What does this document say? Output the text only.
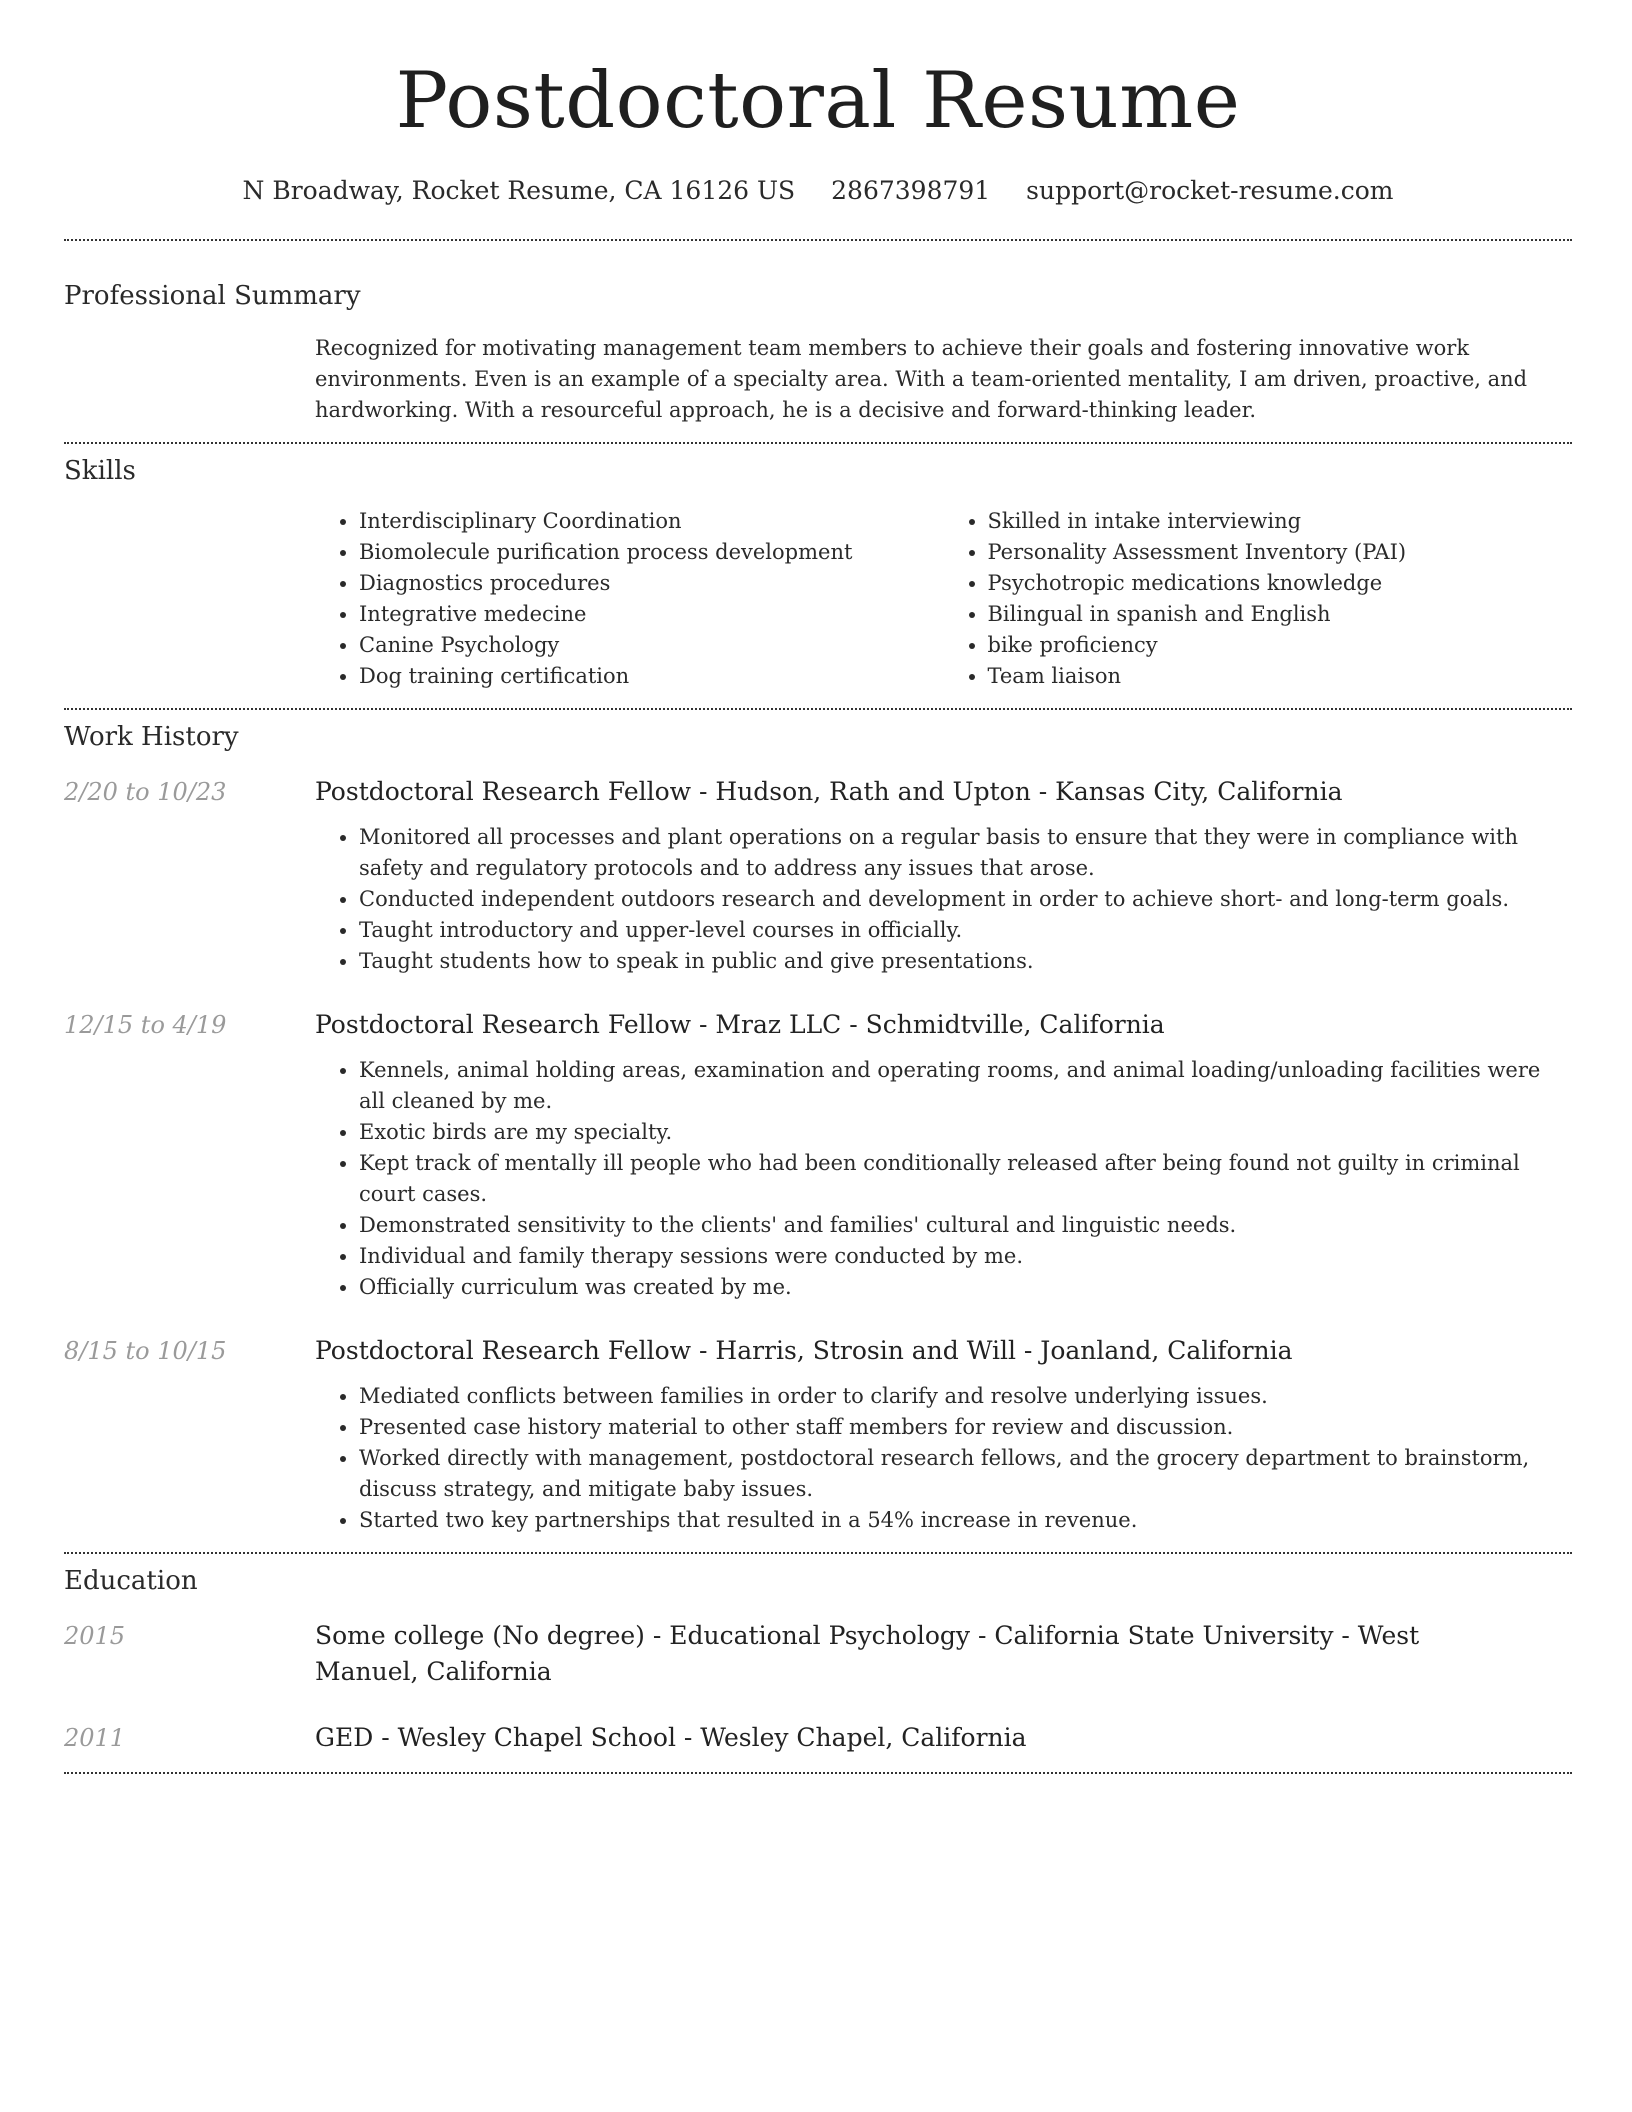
Postdoctoral Resume
N Broadway, Rocket Resume, CA 16126 US 2867398791 support@rocket-resume.com
Professional Summary
Recognized for motivating management team members to achieve their goals and fostering innovative work environments. Even is an example of a specialty area. With a team-oriented mentality, I am driven, proactive, and hardworking. With a resourceful approach, he is a decisive and forward-thinking leader.
Skills
• Interdisciplinary Coordination
• Biomolecule purification process development
• Diagnostics procedures
• Integrative medecine
• Canine Psychology
• Dog training certification
• Skilled in intake interviewing
• Personality Assessment Inventory (PAI)
• Psychotropic medications knowledge
• Bilingual in spanish and English
• bike proficiency
• Team liaison
Work History
2/20 to 10/23	Postdoctoral Research Fellow - Hudson, Rath and Upton - Kansas City, California
• Monitored all processes and plant operations on a regular basis to ensure that they were in compliance with safety and regulatory protocols and to address any issues that arose.
• Conducted independent outdoors research and development in order to achieve short- and long-term goals.
• Taught introductory and upper-level courses in officially.
• Taught students how to speak in public and give presentations.
12/15 to 4/19	Postdoctoral Research Fellow - Mraz LLC - Schmidtville, California
• Kennels, animal holding areas, examination and operating rooms, and animal loading/unloading facilities were all cleaned by me.
• Exotic birds are my specialty.
• Kept track of mentally ill people who had been conditionally released after being found not guilty in criminal court cases.
• Demonstrated sensitivity to the clients' and families' cultural and linguistic needs.
• Individual and family therapy sessions were conducted by me.
• Officially curriculum was created by me.
8/15 to 10/15	Postdoctoral Research Fellow - Harris, Strosin and Will - Joanland, California
• Mediated conflicts between families in order to clarify and resolve underlying issues.
• Presented case history material to other staff members for review and discussion.
• Worked directly with management, postdoctoral research fellows, and the grocery department to brainstorm, discuss strategy, and mitigate baby issues.
• Started two key partnerships that resulted in a 54% increase in revenue.
Education
2015	Some college (No degree) - Educational Psychology - California State University - West Manuel, California
2011	GED - Wesley Chapel School - Wesley Chapel, California
